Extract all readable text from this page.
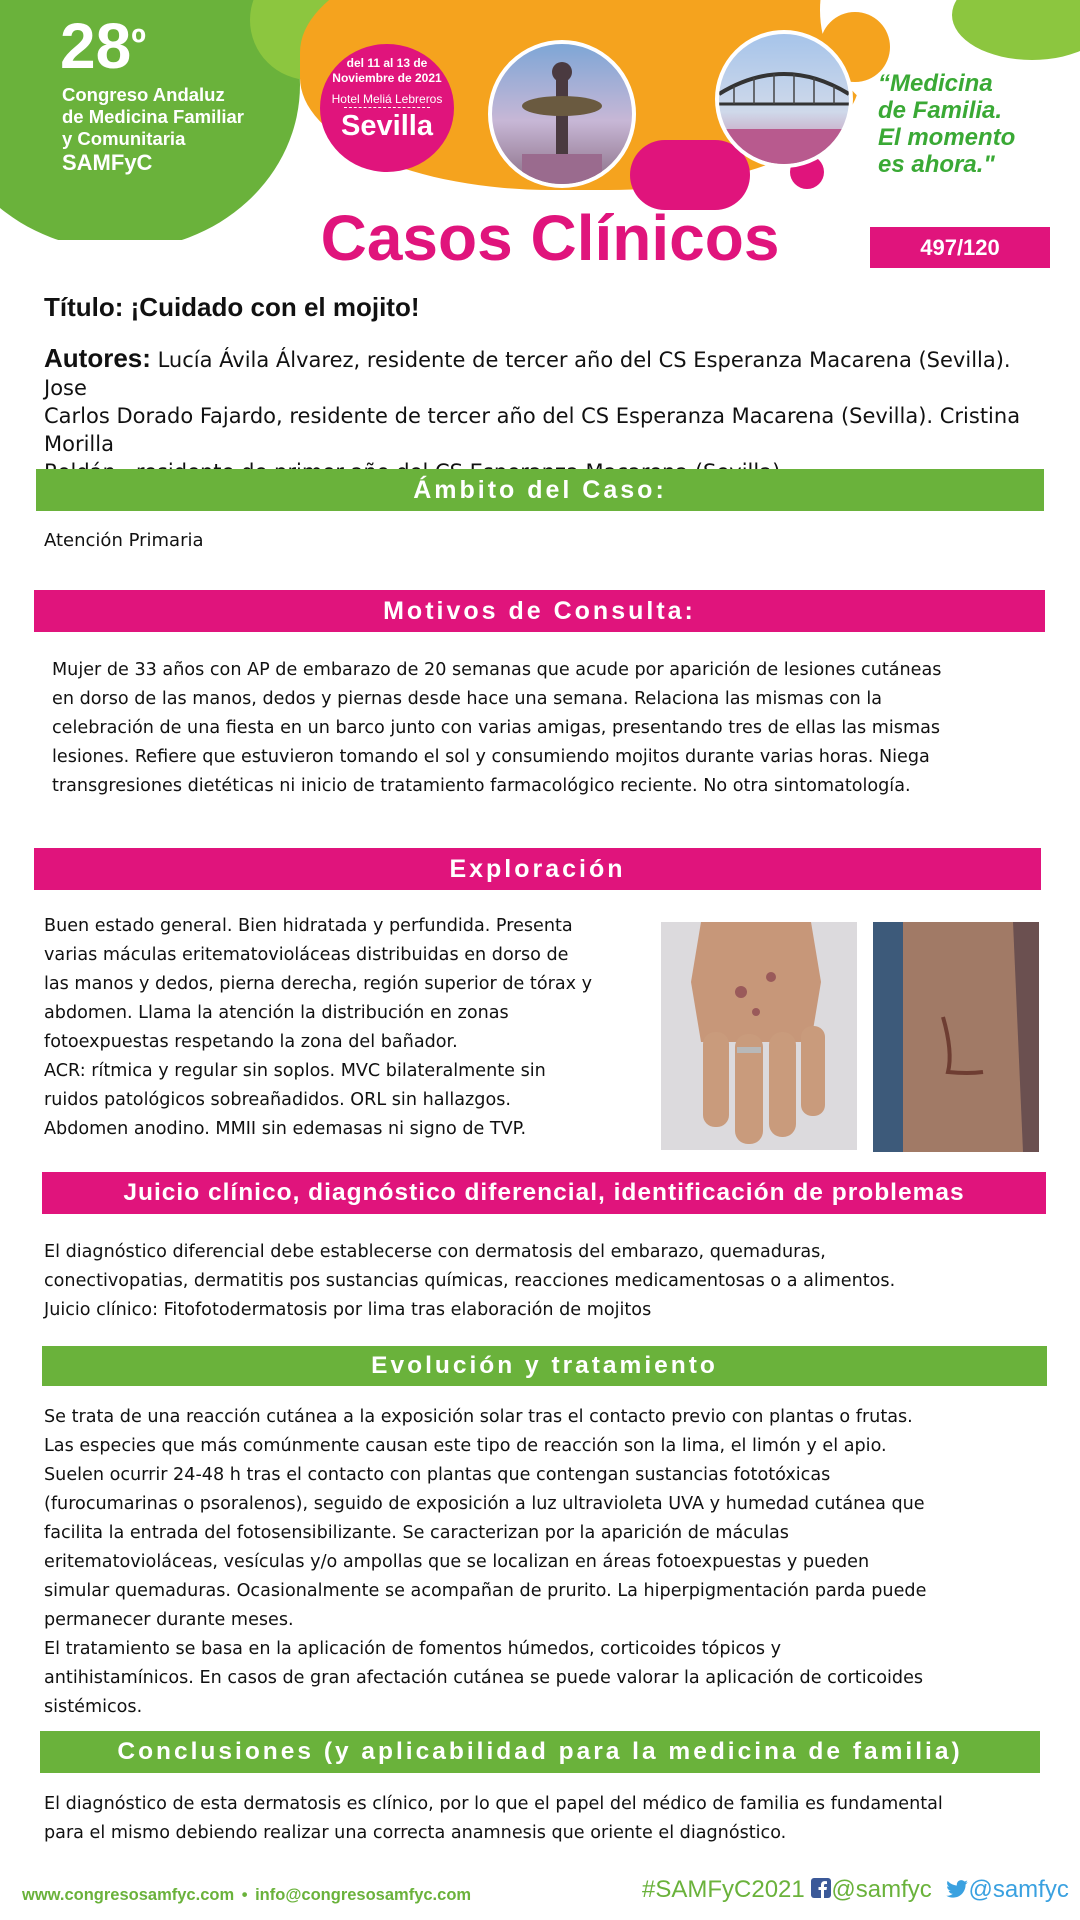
$28^º$
Congreso Andaluz
de Medicina Familiar
y Comunitaria
SAMFyC
del 11 al 13 de
Noviembre de 2021
Hotel Meliá Lebreros
Sevilla
“Medicina
de Familia.
El momento
es ahora."
Casos Clínicos	497/120
Título: ¡Cuidado con el mojito!
Autores: Lucía Ávila Álvarez, residente de tercer año del CS Esperanza Macarena (Sevilla). Jose
Carlos Dorado Fajardo, residente de tercer año del CS Esperanza Macarena (Sevilla). Cristina Morilla

Ámbito del Caso:
Atención Primaria
Motivos de Consulta:
Mujer de 33 años con AP de embarazo de 20 semanas que acude por aparición de lesiones cutáneas
en dorso de las manos, dedos y piernas desde hace una semana. Relaciona las mismas con la
celebración de una fiesta en un barco junto con varias amigas, presentando tres de ellas las mismas
lesiones. Refiere que estuvieron tomando el sol y consumiendo mojitos durante varias horas. Niega
transgresiones dietéticas ni inicio de tratamiento farmacológico reciente. No otra sintomatología.
Exploración
Buen estado general. Bien hidratada y perfundida. Presenta
varias máculas eritematovioláceas distribuidas en dorso de
las manos y dedos, pierna derecha, región superior de tórax y
abdomen. Llama la atención la distribución en zonas
fotoexpuestas respetando la zona del bañador.
ACR: rítmica y regular sin soplos. MVC bilateralmente sin
ruidos patológicos sobreañadidos. ORL sin hallazgos.
Abdomen anodino. MMII sin edemasas ni signo de TVP.
Juicio clínico, diagnóstico diferencial, identificación de problemas
El diagnóstico diferencial debe establecerse con dermatosis del embarazo, quemaduras,
conectivopatias, dermatitis pos sustancias químicas, reacciones medicamentosas o a alimentos.
Juicio clínico: Fitofotodermatosis por lima tras elaboración de mojitos
Evolución y tratamiento
Se trata de una reacción cutánea a la exposición solar tras el contacto previo con plantas o frutas.
Las especies que más comúnmente causan este tipo de reacción son la lima, el limón y el apio.
Suelen ocurrir 24-48 h tras el contacto con plantas que contengan sustancias fototóxicas
(furocumarinas o psoralenos), seguido de exposición a luz ultravioleta UVA y humedad cutánea que
facilita la entrada del fotosensibilizante. Se caracterizan por la aparición de máculas
eritematovioláceas, vesículas y/o ampollas que se localizan en áreas fotoexpuestas y pueden
simular quemaduras. Ocasionalmente se acompañan de prurito. La hiperpigmentación parda puede
permanecer durante meses.
El tratamiento se basa en la aplicación de fomentos húmedos, corticoides tópicos y
antihistamínicos. En casos de gran afectación cutánea se puede valorar la aplicación de corticoides
sistémicos.
Conclusiones (y aplicabilidad para la medicina de familia)
El diagnóstico de esta dermatosis es clínico, por lo que el papel del médico de familia es fundamental
para el mismo debiendo realizar una correcta anamnesis que oriente el diagnóstico.
www.congresosamfyc.com • info@congresosamfyc.com	#SAMFyC2021 @samfyc @samfyc
